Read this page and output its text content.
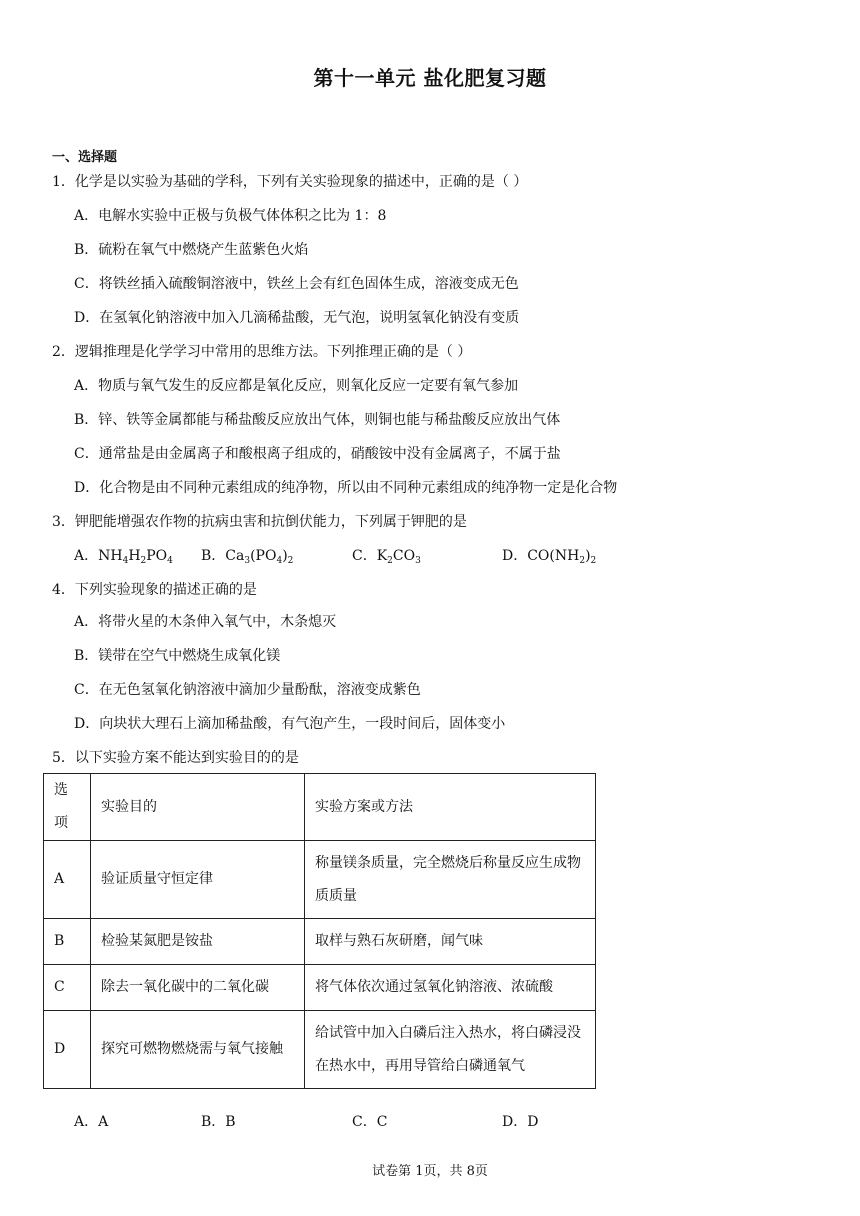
第十一单元 盐化肥复习题
一、选择题
1．化学是以实验为基础的学科，下列有关实验现象的描述中，正确的是（ ）
A．电解水实验中正极与负极气体体积之比为 1：8
B．硫粉在氧气中燃烧产生蓝紫色火焰
C．将铁丝插入硫酸铜溶液中，铁丝上会有红色固体生成，溶液变成无色
D．在氢氧化钠溶液中加入几滴稀盐酸，无气泡，说明氢氧化钠没有变质
2．逻辑推理是化学学习中常用的思维方法。下列推理正确的是（ ）
A．物质与氧气发生的反应都是氧化反应，则氧化反应一定要有氧气参加
B．锌、铁等金属都能与稀盐酸反应放出气体，则铜也能与稀盐酸反应放出气体
C．通常盐是由金属离子和酸根离子组成的，硝酸铵中没有金属离子，不属于盐
D．化合物是由不同种元素组成的纯净物，所以由不同种元素组成的纯净物一定是化合物
3．钾肥能增强农作物的抗病虫害和抗倒伏能力，下列属于钾肥的是
A．$NH_4H_2PO_4$ B．$Ca_3(PO_4)_2$	C．$K_2CO_3$	D．$CO(NH_2)_2$
4．下列实验现象的描述正确的是
A．将带火星的木条伸入氧气中，木条熄灭
B．镁带在空气中燃烧生成氧化镁
C．在无色氢氧化钠溶液中滴加少量酚酞，溶液变成紫色
D．向块状大理石上滴加稀盐酸，有气泡产生，一段时间后，固体变小
5．以下实验方案不能达到实验目的的是
选项	实验目的	实验方案或方法
A	验证质量守恒定律	称量镁条质量，完全燃烧后称量反应生成物质质量
B	检验某氮肥是铵盐	取样与熟石灰研磨，闻气味
C	除去一氧化碳中的二氧化碳	将气体依次通过氢氧化钠溶液、浓硫酸
D	探究可燃物燃烧需与氧气接触	给试管中加入白磷后注入热水，将白磷浸没在热水中，再用导管给白磷通氧气
A．A	B．B	C．C	D．D
试卷第 1页，共 8页
